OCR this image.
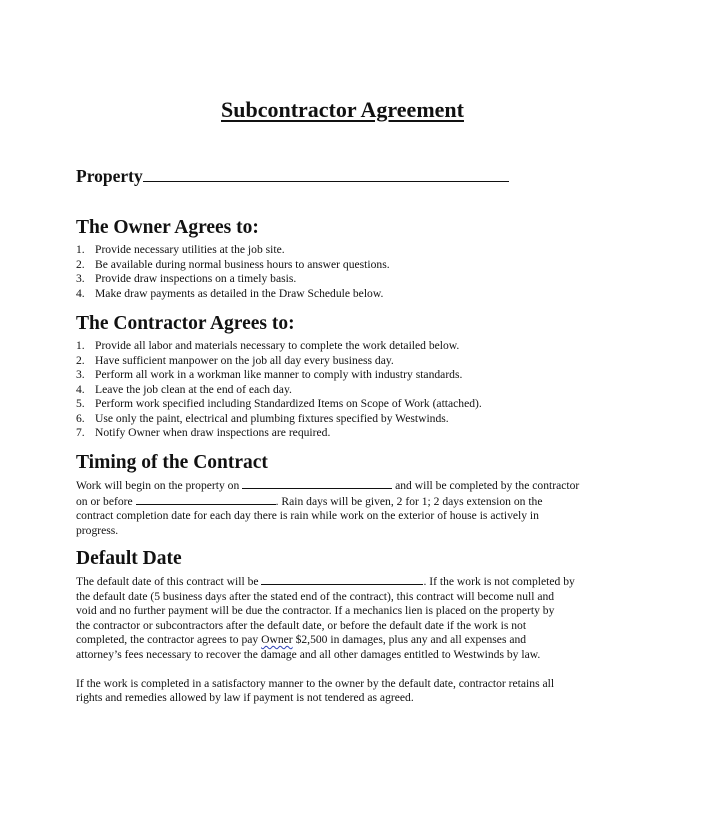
Subcontractor Agreement
Property
The Owner Agrees to:
1. Provide necessary utilities at the job site.
2. Be available during normal business hours to answer questions.
3. Provide draw inspections on a timely basis.
4. Make draw payments as detailed in the Draw Schedule below.
The Contractor Agrees to:
1. Provide all labor and materials necessary to complete the work detailed below.
2. Have sufficient manpower on the job all day every business day.
3. Perform all work in a workman like manner to comply with industry standards.
4. Leave the job clean at the end of each day.
5. Perform work specified including Standardized Items on Scope of Work (attached).
6. Use only the paint, electrical and plumbing fixtures specified by Westwinds.
7. Notify Owner when draw inspections are required.
Timing of the Contract

Work will begin on the property on	and will be completed by the contractor
on or before	. Rain days will be given, 2 for 1; 2 days extension on the
contract completion date for each day there is rain while work on the exterior of house is actively in
progress.

Default Date

The default date of this contract will be	. If the work is not completed by
the default date (5 business days after the stated end of the contract), this contract will become null and
void and no further payment will be due the contractor. If a mechanics lien is placed on the property by
the contractor or subcontractors after the default date, or before the default date if the work is not
completed, the contractor agrees to pay Owner $2,500 in damages, plus any and all expenses and
attorney’s fees necessary to recover the damage and all other damages entitled to Westwinds by law.

If the work is completed in a satisfactory manner to the owner by the default date, contractor retains all
rights and remedies allowed by law if payment is not tendered as agreed.
